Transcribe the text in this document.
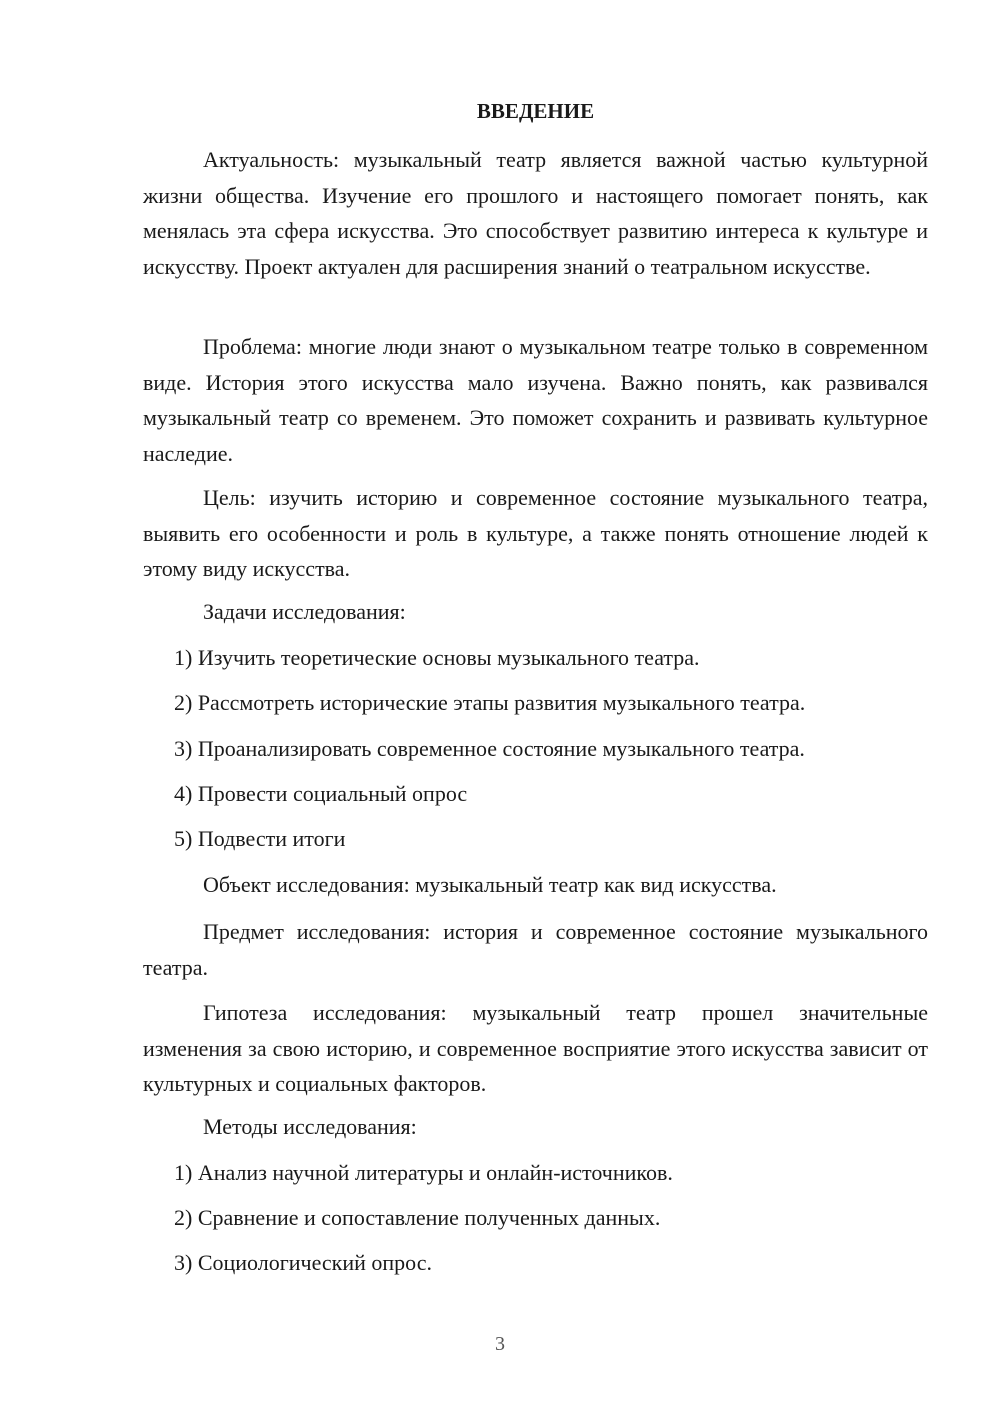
ВВЕДЕНИЕ

Актуальность: музыкальный театр является важной частью культурной жизни общества. Изучение его прошлого и настоящего помогает понять, как менялась эта сфера искусства. Это способствует развитию интереса к культуре и искусству. Проект актуален для расширения знаний о театральном искусстве.

Проблема: многие люди знают о музыкальном театре только в современном виде. История этого искусства мало изучена. Важно понять, как развивался музыкальный театр со временем. Это поможет сохранить и развивать культурное наследие.

Цель: изучить историю и современное состояние музыкального театра, выявить его особенности и роль в культуре, а также понять отношение людей к этому виду искусства.

Задачи исследования:

1) Изучить теоретические основы музыкального театра.

2) Рассмотреть исторические этапы развития музыкального театра.

3) Проанализировать современное состояние музыкального театра.

4) Провести социальный опрос

5) Подвести итоги

Объект исследования: музыкальный театр как вид искусства.

Предмет исследования: история и современное состояние музыкального театра.

Гипотеза исследования: музыкальный театр прошел значительные изменения за свою историю, и современное восприятие этого искусства зависит от культурных и социальных факторов.

Методы исследования:

1) Анализ научной литературы и онлайн-источников.

2) Сравнение и сопоставление полученных данных.

3) Социологический опрос.

3
